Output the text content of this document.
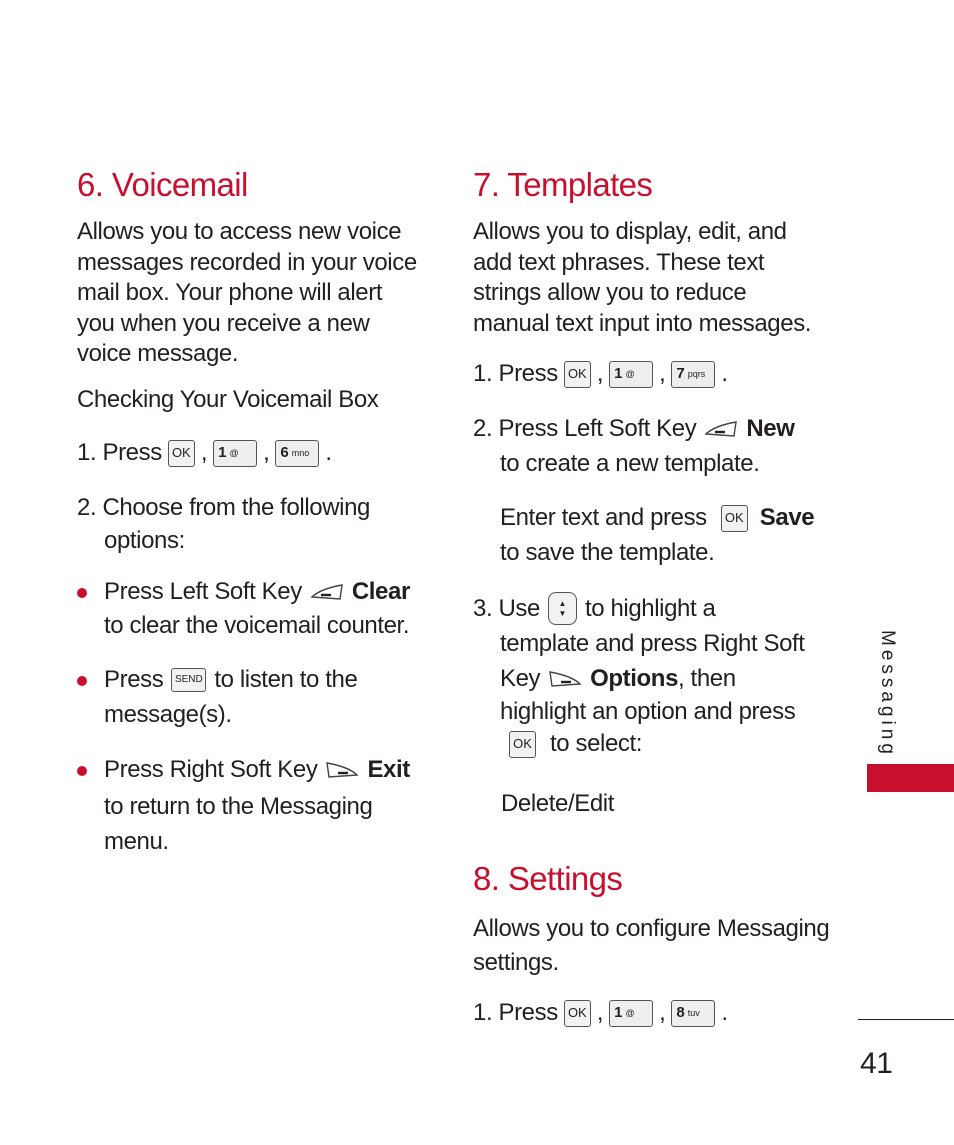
6. Voicemail
Allows you to access new voice
messages recorded in your voice
mail box. Your phone will alert
you when you receive a new
voice message.
Checking Your Voicemail Box
1. Press OK , 1 @ , 6 mno .
2. Choose from the following
options:
Press Left Soft Key Clear
to clear the voicemail counter.
Press	SEND to listen to the
message(s).
Press Right Soft Key Exit
to return to the Messaging
menu.
7. Templates
Allows you to display, edit, and
add text phrases. These text
strings allow you to reduce
manual text input into messages.
1. Press OK , 1 @ , 7 pqrs .
2. Press Left Soft Key New
to create a new template.
Enter text and press	OK Save
to save the template.
3. Use ▲
▼ to highlight a
template and press Right Soft
Key Options , then
highlight an option and press
OK to select:
Delete/Edit
8. Settings
Allows you to configure Messaging
settings.
1. Press OK , 1 @ , 8 tuv .
Messaging
41
